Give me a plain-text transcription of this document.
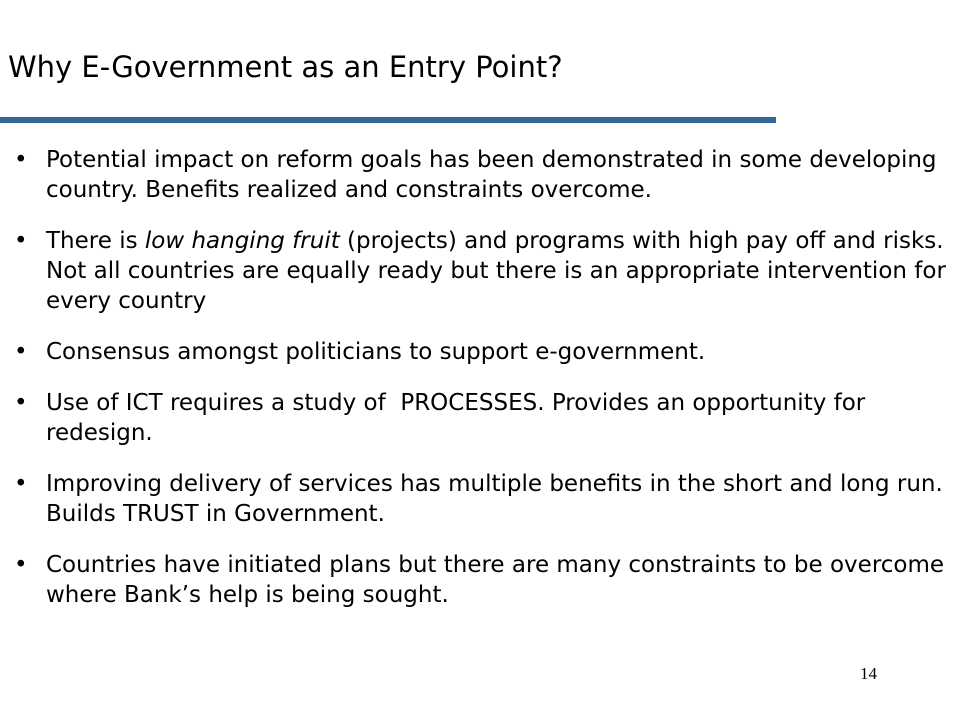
Why E-Government as an Entry Point?
• Potential impact on reform goals has been demonstrated in some developing country. Benefits realized and constraints overcome.
• There is low hanging fruit (projects) and programs with high pay off and risks. Not all countries are equally ready but there is an appropriate intervention for every country
• Consensus amongst politicians to support e-government.
• Use of ICT requires a study of  PROCESSES. Provides an opportunity for redesign.
• Improving delivery of services has multiple benefits in the short and long run. Builds TRUST in Government.
• Countries have initiated plans but there are many constraints to be overcome where Bank’s help is being sought.
14
